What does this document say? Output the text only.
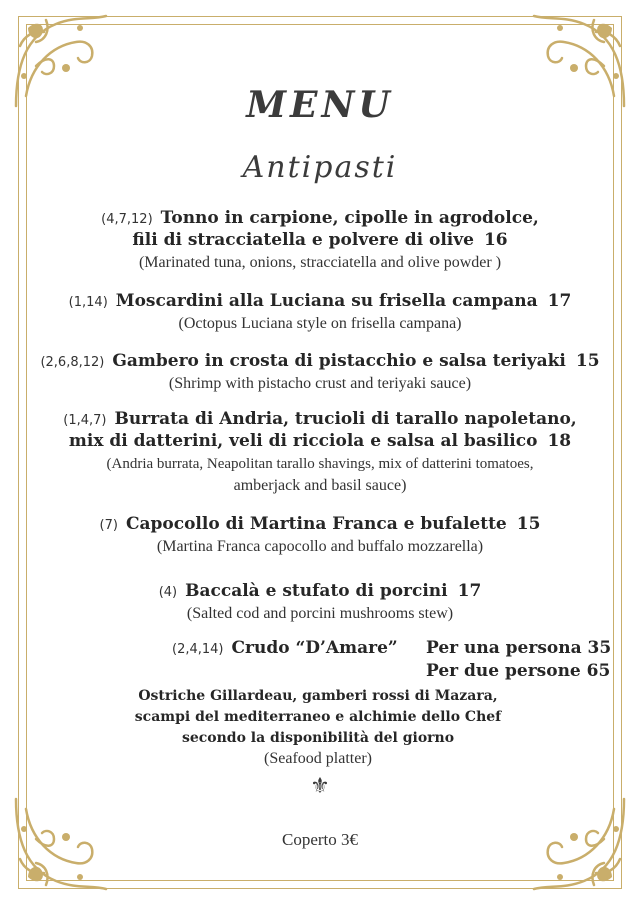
MENU
Antipasti
(4,7,12) Tonno in carpione, cipolle in agrodolce,
fili di stracciatella e polvere di olive 16
(Marinated tuna, onions, stracciatella and olive powder )
(1,14) Moscardini alla Luciana su frisella campana 17
(Octopus Luciana style on frisella campana)
(2,6,8,12) Gambero in crosta di pistacchio e salsa teriyaki 15
(Shrimp with pistacho crust and teriyaki sauce)
(1,4,7) Burrata di Andria, trucioli di tarallo napoletano,
mix di datterini, veli di ricciola e salsa al basilico 18
(Andria burrata, Neapolitan tarallo shavings, mix of datterini tomatoes,
amberjack and basil sauce)
(7) Capocollo di Martina Franca e bufalette 15
(Martina Franca capocollo and buffalo mozzarella)
(4) Baccalà e stufato di porcini 17
(Salted cod and porcini mushrooms stew)
(2,4,14) Crudo “D’Amare” Per una persona 35
Per due persone 65
Ostriche Gillardeau, gamberi rossi di Mazara,
scampi del mediterraneo e alchimie dello Chef
secondo la disponibilità del giorno
(Seafood platter)
⚜
Coperto 3€
